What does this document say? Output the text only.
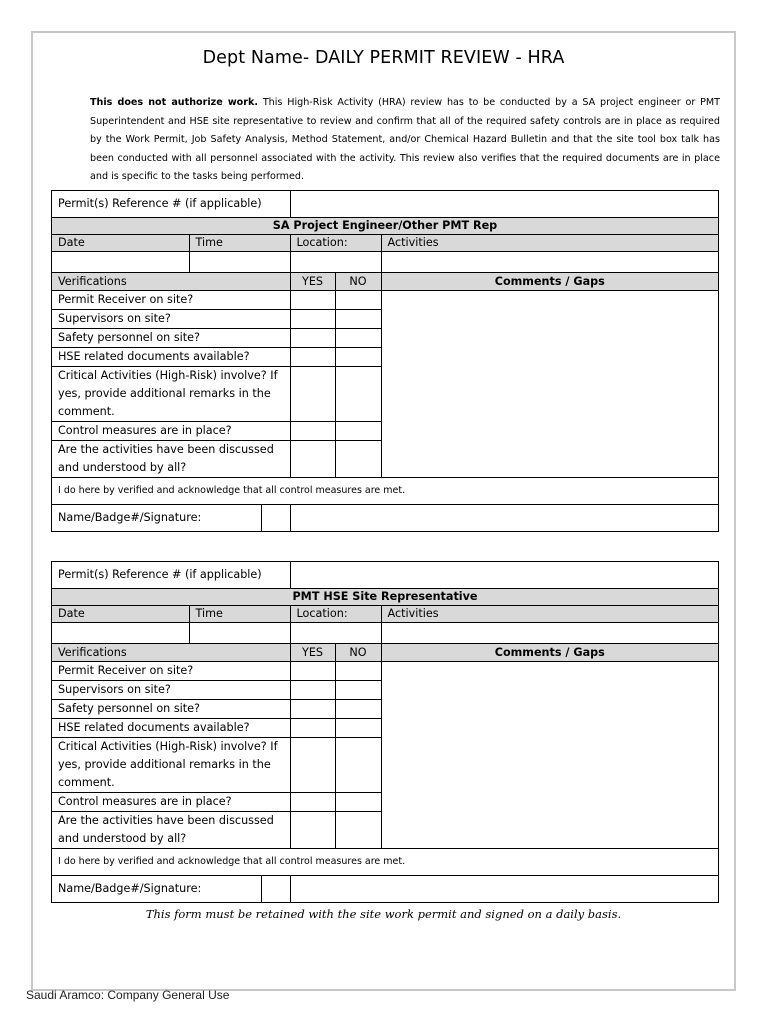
Dept Name- DAILY PERMIT REVIEW - HRA
This does not authorize work. This High-Risk Activity (HRA) review has to be conducted by a SA project engineer or PMT Superintendent and HSE site representative to review and confirm that all of the required safety controls are in place as required by the Work Permit, Job Safety Analysis, Method Statement, and/or Chemical Hazard Bulletin and that the site tool box talk has been conducted with all personnel associated with the activity. This review also verifies that the required documents are in place and is specific to the tasks being performed.
Permit(s) Reference # (if applicable)				

SA Project Engineer/Other PMT Rep				
Date	Time	Location:		Activities

Verifications		YES	NO	Comments / Gaps
Permit Receiver on site?				
Supervisors on site?				
Safety personnel on site?				
HSE related documents available?				
Critical Activities (High-Risk) involve? If yes, provide additional remarks in the comment.				
Control measures are in place?				
Are the activities have been discussed and understood by all?				
I do here by verified and acknowledge that all control measures are met.				

Name/Badge#/Signature:				

Permit(s) Reference # (if applicable)				

PMT HSE Site Representative				
Date	Time	Location:		Activities

Verifications		YES	NO	Comments / Gaps
Permit Receiver on site?				
Supervisors on site?				
Safety personnel on site?				
HSE related documents available?				
Critical Activities (High-Risk) involve? If yes, provide additional remarks in the comment.				
Control measures are in place?				
Are the activities have been discussed and understood by all?				
I do here by verified and acknowledge that all control measures are met.				

Name/Badge#/Signature:				

This form must be retained with the site work permit and signed on a daily basis.
Saudi Aramco: Company General Use
